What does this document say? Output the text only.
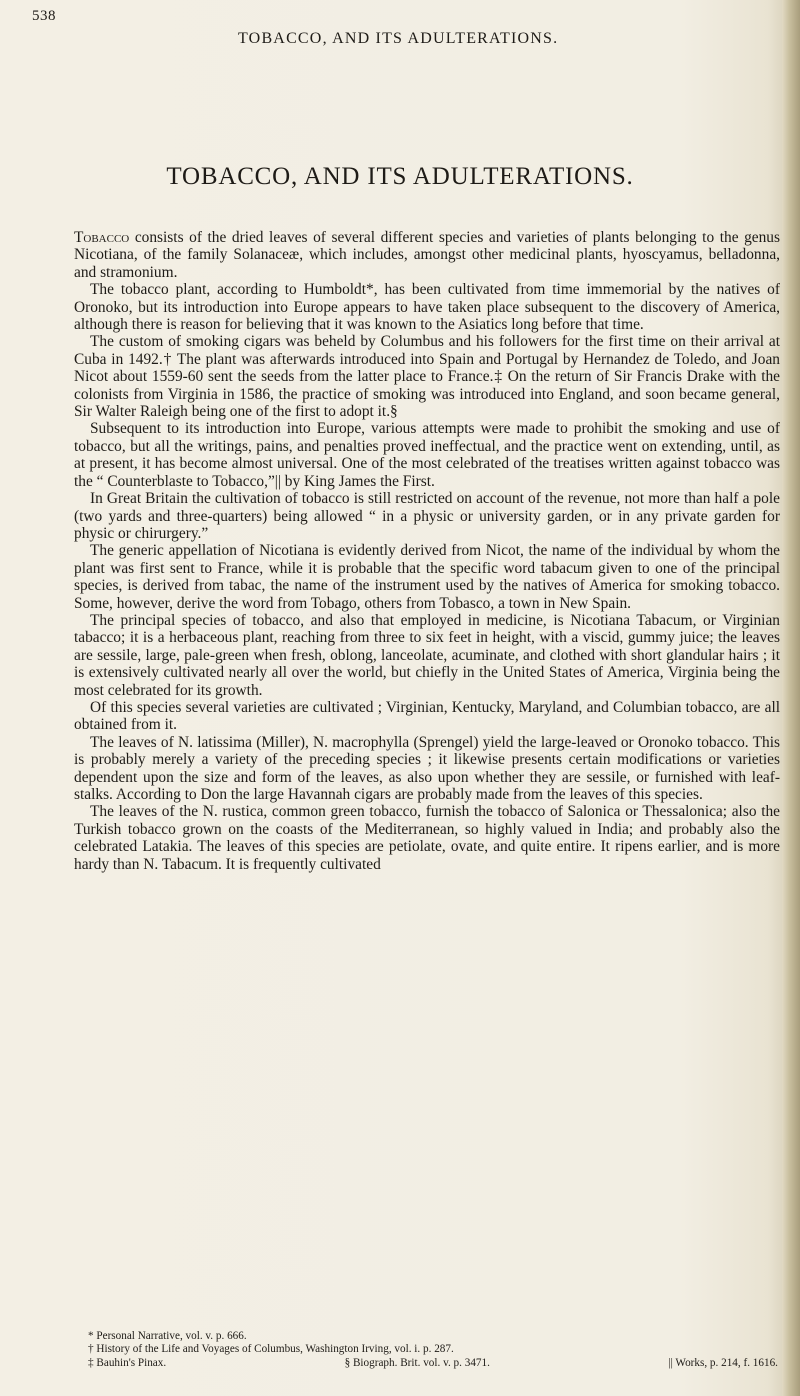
538
TOBACCO, AND ITS ADULTERATIONS.
TOBACCO, AND ITS ADULTERATIONS.

Tobacco consists of the dried leaves of several different species and varieties of plants belonging to the genus Nicotiana, of the family Solanaceæ, which includes, amongst other medicinal plants, hyoscyamus, belladonna, and stramonium.

The tobacco plant, according to Humboldt*, has been cultivated from time immemorial by the natives of Oronoko, but its introduction into Europe appears to have taken place subsequent to the discovery of America, although there is reason for believing that it was known to the Asiatics long before that time.

The custom of smoking cigars was beheld by Columbus and his followers for the first time on their arrival at Cuba in 1492.† The plant was afterwards introduced into Spain and Portugal by Hernandez de Toledo, and Joan Nicot about 1559-60 sent the seeds from the latter place to France.‡ On the return of Sir Francis Drake with the colonists from Virginia in 1586, the practice of smoking was introduced into England, and soon became general, Sir Walter Raleigh being one of the first to adopt it.§

Subsequent to its introduction into Europe, various attempts were made to prohibit the smoking and use of tobacco, but all the writings, pains, and penalties proved ineffectual, and the practice went on extending, until, as at present, it has become almost universal. One of the most celebrated of the treatises written against tobacco was the “ Counterblaste to Tobacco,”|| by King James the First.

In Great Britain the cultivation of tobacco is still restricted on account of the revenue, not more than half a pole (two yards and three-quarters) being allowed “ in a physic or university garden, or in any private garden for physic or chirurgery.”

The generic appellation of Nicotiana is evidently derived from Nicot, the name of the individual by whom the plant was first sent to France, while it is probable that the specific word tabacum given to one of the principal species, is derived from tabac, the name of the instrument used by the natives of America for smoking tobacco. Some, however, derive the word from Tobago, others from Tobasco, a town in New Spain.

The principal species of tobacco, and also that employed in medicine, is Nicotiana Tabacum, or Virginian tabacco; it is a herbaceous plant, reaching from three to six feet in height, with a viscid, gummy juice; the leaves are sessile, large, pale-green when fresh, oblong, lanceolate, acuminate, and clothed with short glandular hairs ; it is extensively cultivated nearly all over the world, but chiefly in the United States of America, Virginia being the most celebrated for its growth.

Of this species several varieties are cultivated ; Virginian, Kentucky, Maryland, and Columbian tobacco, are all obtained from it.

The leaves of N. latissima (Miller), N. macrophylla (Sprengel) yield the large-leaved or Oronoko tobacco. This is probably merely a variety of the preceding species ; it likewise presents certain modifications or varieties dependent upon the size and form of the leaves, as also upon whether they are sessile, or furnished with leaf-stalks. According to Don the large Havannah cigars are probably made from the leaves of this species.

The leaves of the N. rustica, common green tobacco, furnish the tobacco of Salonica or Thessalonica; also the Turkish tobacco grown on the coasts of the Mediterranean, so highly valued in India; and probably also the celebrated Latakia. The leaves of this species are petiolate, ovate, and quite entire. It ripens earlier, and is more hardy than N. Tabacum. It is frequently cultivated

* Personal Narrative, vol. v. p. 666.
† History of the Life and Voyages of Columbus, Washington Irving, vol. i. p. 287.
‡ Bauhin's Pinax.	§ Biograph. Brit. vol. v. p. 3471.	|| Works, p. 214, f. 1616.
